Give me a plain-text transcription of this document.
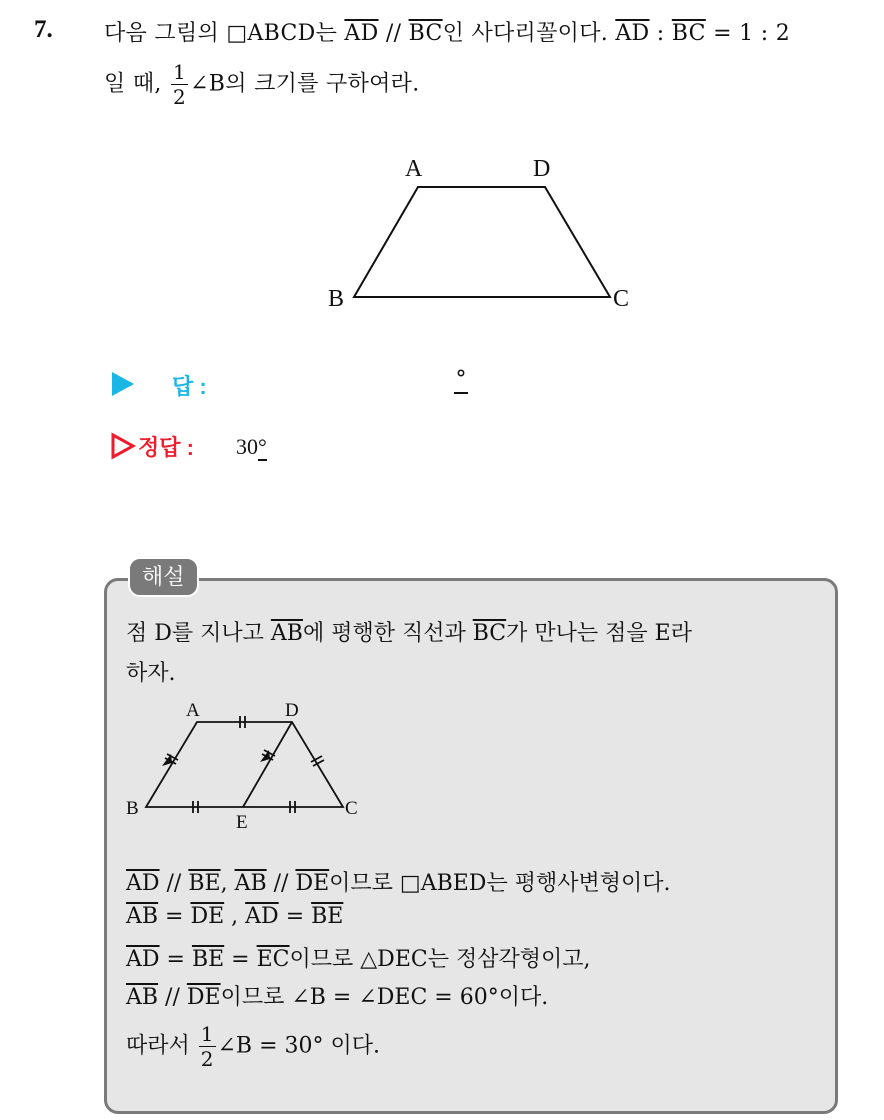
7. 다음 그림의 □ABCD는 $\overline{AD} // \overline{BC}$인 사다리꼴이다. $\overline{AD}$ : $\overline{BC} = 1$ : 2
일 때, $\frac{1}{2}$ ∠B의 크기를 구하여라.
A	D
B	C
답 :	°
정답 : 30°
해설
점 D를 지나고 $\overline{AB}$에 평행한 직선과 $\overline{BC}$가 만나는 점을 E라
하자.
A	D
B
E
C
$\overline{AD} // \overline{BE}$, $\overline{AB} // \overline{DE}$이므로 □ABED는 평행사변형이다.
$\overline{AB} = \overline{DE}$ , $\overline{AD} = \overline{BE}$
$\overline{AD} = \overline{BE} = \overline{EC}$이므로 △DEC는 정삼각형이고,
$\overline{AB} // \overline{DE}$이므로 ∠B = ∠DEC = 60°이다.
따라서 $\frac{1}{2}$ ∠B = 30° 이다.
